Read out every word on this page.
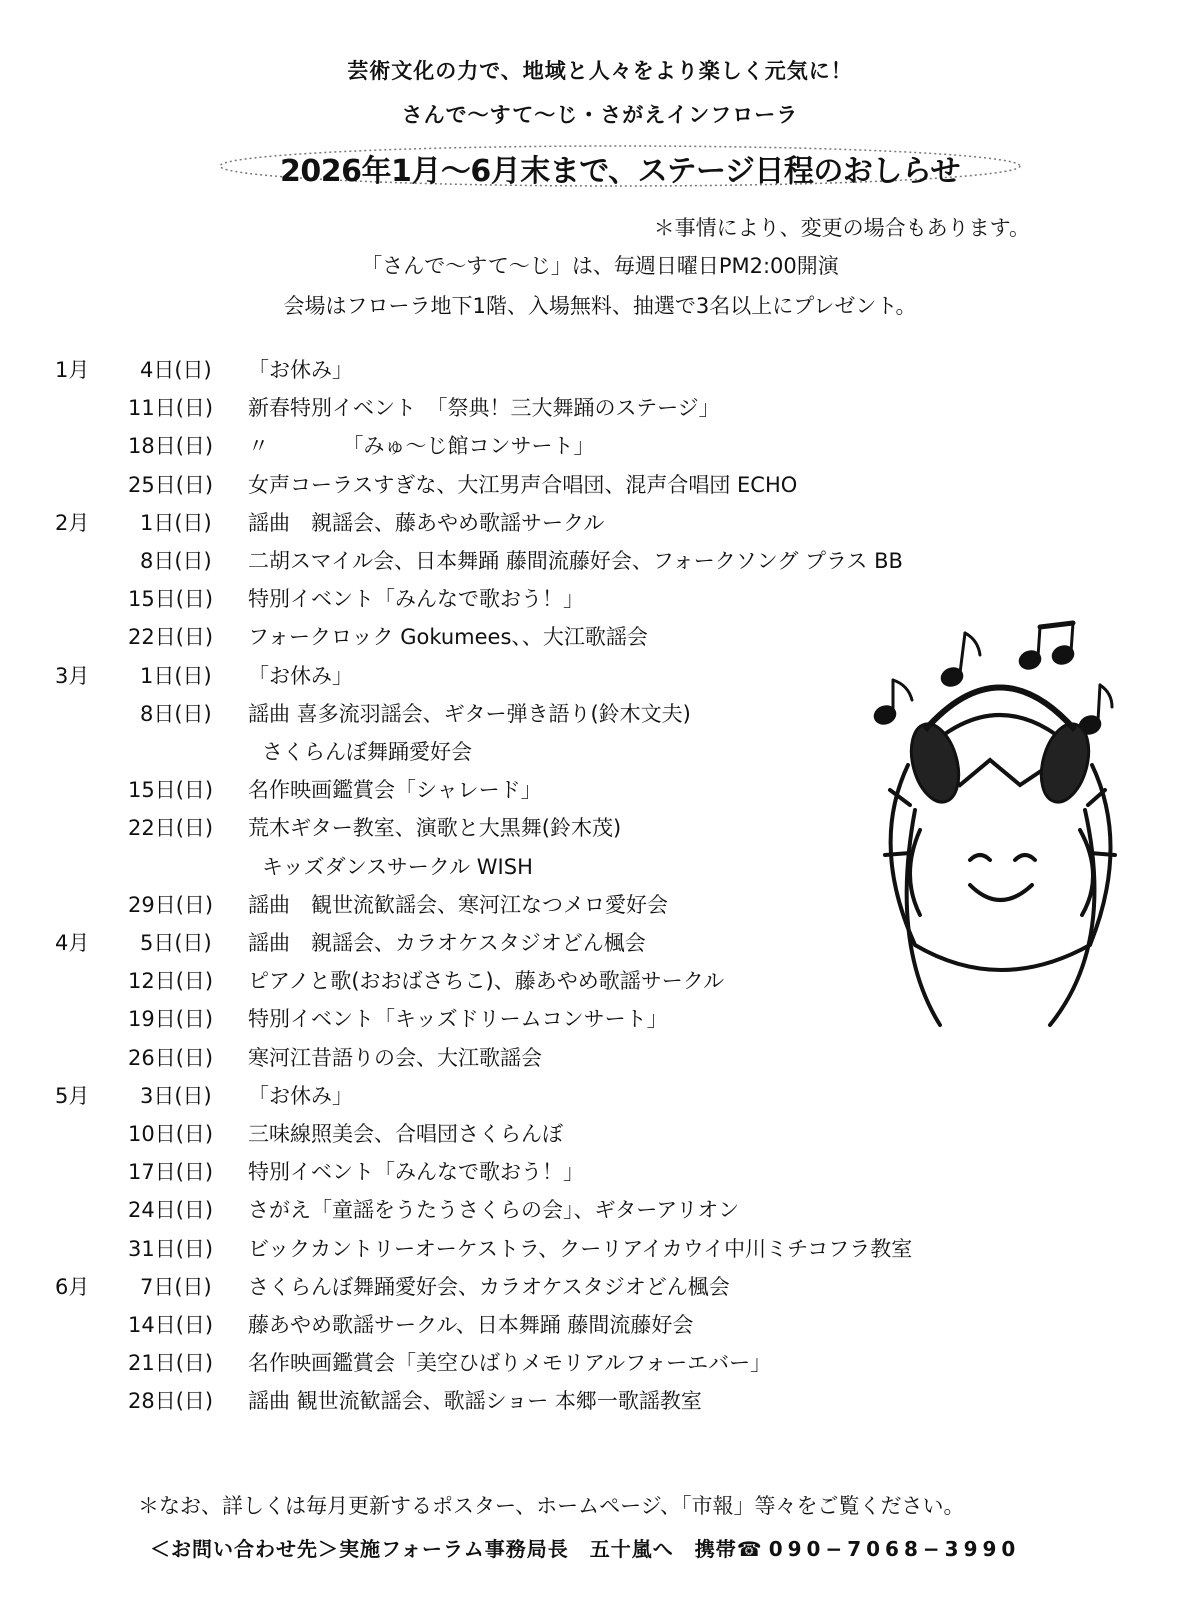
芸術文化の力で、地域と人々をより楽しく元気に！
さんで～すて～じ・さがえインフローラ
2026年1月～6月末まで、ステージ日程のおしらせ
＊事情により、変更の場合もあります。
「さんで～すて～じ」は、毎週日曜日PM2:00開演
会場はフローラ地下1階、入場無料、抽選で3名以上にプレゼント。
1月 4日(日) 「お休み」
11日(日) 新春特別イベント　「祭典！三大舞踊のステージ」
18日(日) 〃　　　　「みゅ～じ館コンサート」
25日(日) 女声コーラスすぎな、大江男声合唱団、混声合唱団 ECHO
2月 1日(日) 謡曲　親謡会、藤あやめ歌謡サークル
8日(日) 二胡スマイル会、日本舞踊 藤間流藤好会、フォークソング プラス BB
15日(日) 特別イベント「みんなで歌おう！」
22日(日) フォークロック Gokumees、、大江歌謡会
3月 1日(日) 「お休み」
8日(日) 謡曲 喜多流羽謡会、ギター弾き語り(鈴木文夫)
さくらんぼ舞踊愛好会
15日(日) 名作映画鑑賞会「シャレード」
22日(日) 荒木ギター教室、演歌と大黒舞(鈴木茂)
キッズダンスサークル WISH
29日(日) 謡曲　観世流歓謡会、寒河江なつメロ愛好会
4月 5日(日) 謡曲　親謡会、カラオケスタジオどん楓会
12日(日) ピアノと歌(おおばさちこ)、藤あやめ歌謡サークル
19日(日) 特別イベント「キッズドリームコンサート」
26日(日) 寒河江昔語りの会、大江歌謡会
5月 3日(日) 「お休み」
10日(日) 三味線照美会、合唱団さくらんぼ
17日(日) 特別イベント「みんなで歌おう！」
24日(日) さがえ「童謡をうたうさくらの会」、ギターアリオン
31日(日) ビックカントリーオーケストラ、クーリアイカウイ中川ミチコフラ教室
6月 7日(日) さくらんぼ舞踊愛好会、カラオケスタジオどん楓会
14日(日) 藤あやめ歌謡サークル、日本舞踊 藤間流藤好会
21日(日) 名作映画鑑賞会「美空ひばりメモリアルフォーエバー」
28日(日) 謡曲 観世流歓謡会、歌謡ショー 本郷一歌謡教室
＊なお、詳しくは毎月更新するポスター、ホームページ、「市報」等々をご覧ください。
＜お問い合わせ先＞実施フォーラム事務局長　五十嵐へ　携帯☎ 090−7068−3990
